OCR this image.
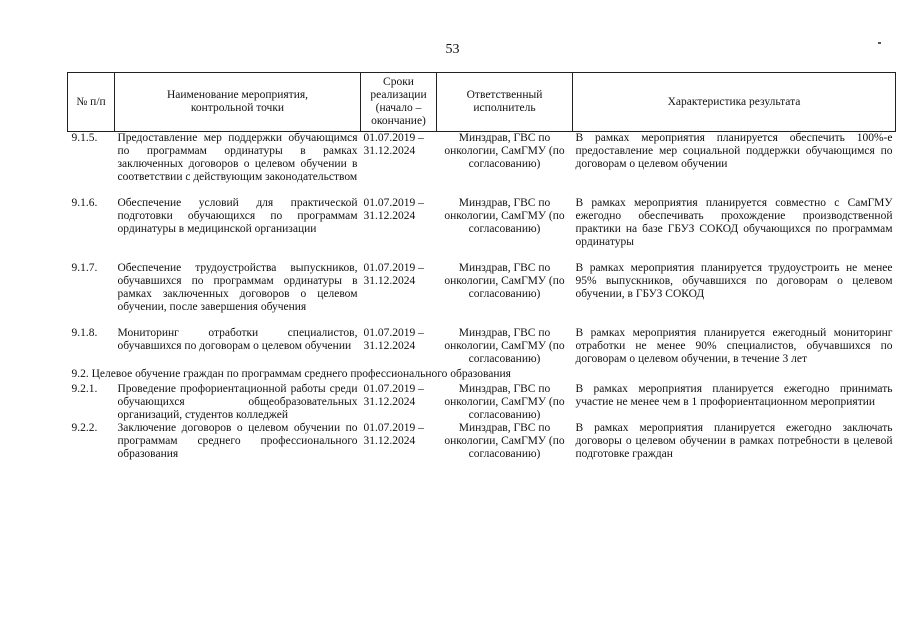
53
№ п/п	Наименование мероприятия, контрольной точки	Сроки реализации (начало – окончание)	Ответственный исполнитель	Характеристика результата
9.1.5.	Предоставление мер поддержки обучающимся по программам ординатуры в рамках заключенных договоров о целевом обучении в соответствии с действующим законодательством	01.07.2019 – 31.12.2024	Минздрав, ГВС по онкологии, СамГМУ (по согласованию)	В рамках мероприятия планируется обеспечить 100%-е предоставление мер социальной поддержки обучающимся по договорам о целевом обучении

9.1.6.	Обеспечение условий для практической подготовки обучающихся по программам ординатуры в медицинской организации	01.07.2019 – 31.12.2024	Минздрав, ГВС по онкологии, СамГМУ (по согласованию)	В рамках мероприятия планируется совместно с СамГМУ ежегодно обеспечивать прохождение производственной практики на базе ГБУЗ СОКОД обучающихся по программам ординатуры

9.1.7.	Обеспечение трудоустройства выпускников, обучавшихся по программам ординатуры в рамках заключенных договоров о целевом обучении, после завершения обучения	01.07.2019 – 31.12.2024	Минздрав, ГВС по онкологии, СамГМУ (по согласованию)	В рамках мероприятия планируется трудоустроить не менее 95% выпускников, обучавшихся по договорам о целевом обучении, в ГБУЗ СОКОД

9.1.8.	Мониторинг отработки специалистов, обучавшихся по договорам о целевом обучении	01.07.2019 – 31.12.2024	Минздрав, ГВС по онкологии, СамГМУ (по согласованию)	В рамках мероприятия планируется ежегодный мониторинг отработки не менее 90% специалистов, обучавшихся по договорам о целевом обучении, в течение 3 лет
9.2. Целевое обучение граждан по программам среднего профессионального образования				
9.2.1.	Проведение профориентационной работы среди обучающихся общеобразовательных организаций, студентов колледжей	01.07.2019 – 31.12.2024	Минздрав, ГВС по онкологии, СамГМУ (по согласованию)	В рамках мероприятия планируется ежегодно принимать участие не менее чем в 1 профориентационном мероприятии
9.2.2.	Заключение договоров о целевом обучении по программам среднего профессионального образования	01.07.2019 – 31.12.2024	Минздрав, ГВС по онкологии, СамГМУ (по согласованию)	В рамках мероприятия планируется ежегодно заключать договоры о целевом обучении в рамках потребности в целевой подготовке граждан
